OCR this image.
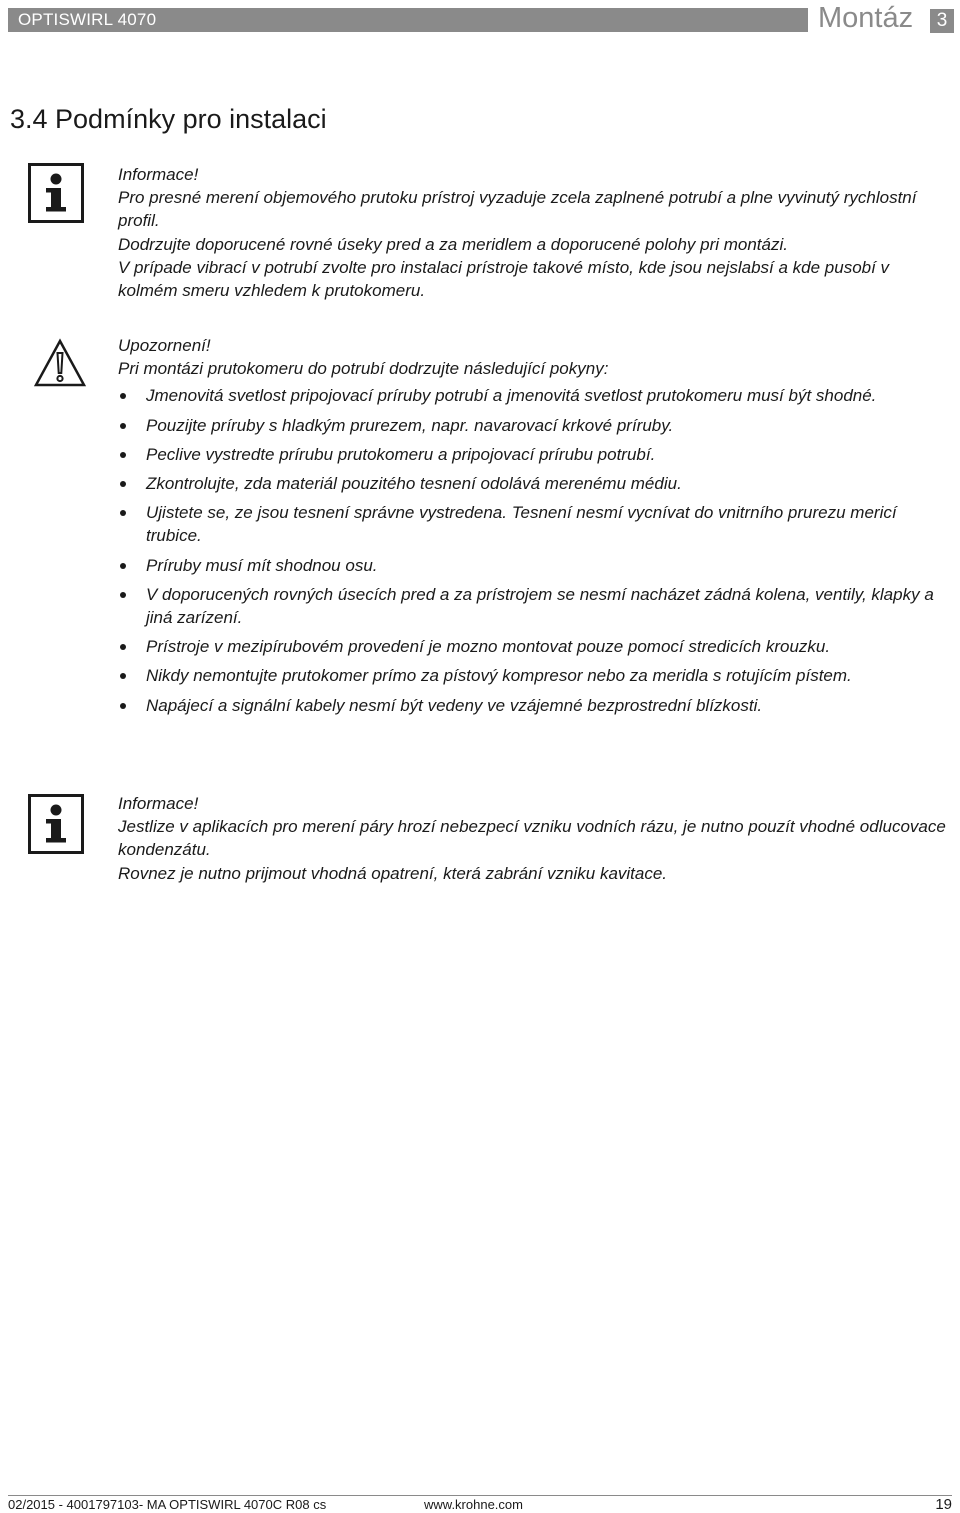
OPTISWIRL 4070	Montáz	3
3.4 Podmínky pro instalaci

Informace!

Pro presné merení objemového prutoku prístroj vyzaduje zcela zaplnené potrubí a plne vyvinutý rychlostní profil.

Dodrzujte doporucené rovné úseky pred a za meridlem a doporucené polohy pri montázi.

V prípade vibrací v potrubí zvolte pro instalaci prístroje takové místo, kde jsou nejslabsí a kde pusobí v kolmém smeru vzhledem k prutokomeru.

Upozornení!

Pri montázi prutokomeru do potrubí dodrzujte následující pokyny:

Jmenovitá svetlost pripojovací príruby potrubí a jmenovitá svetlost prutokomeru musí být shodné.
Pouzijte príruby s hladkým prurezem, napr. navarovací krkové príruby.
Peclive vystredte prírubu prutokomeru a pripojovací prírubu potrubí.
Zkontrolujte, zda materiál pouzitého tesnení odolává merenému médiu.
Ujistete se, ze jsou tesnení správne vystredena. Tesnení nesmí vycnívat do vnitrního prurezu mericí trubice.
Príruby musí mít shodnou osu.
V doporucených rovných úsecích pred a za prístrojem se nesmí nacházet zádná kolena, ventily, klapky a jiná zarízení.
Prístroje v mezipírubovém provedení je mozno montovat pouze pomocí stredicích krouzku.
Nikdy nemontujte prutokomer prímo za pístový kompresor nebo za meridla s rotujícím pístem.
Napájecí a signální kabely nesmí být vedeny ve vzájemné bezprostrední blízkosti.

Informace!

Jestlize v aplikacích pro merení páry hrozí nebezpecí vzniku vodních rázu, je nutno pouzít vhodné odlucovace kondenzátu.

Rovnez je nutno prijmout vhodná opatrení, která zabrání vzniku kavitace.

02/2015 - 4001797103- MA OPTISWIRL 4070C R08 cs	www.krohne.com	19
